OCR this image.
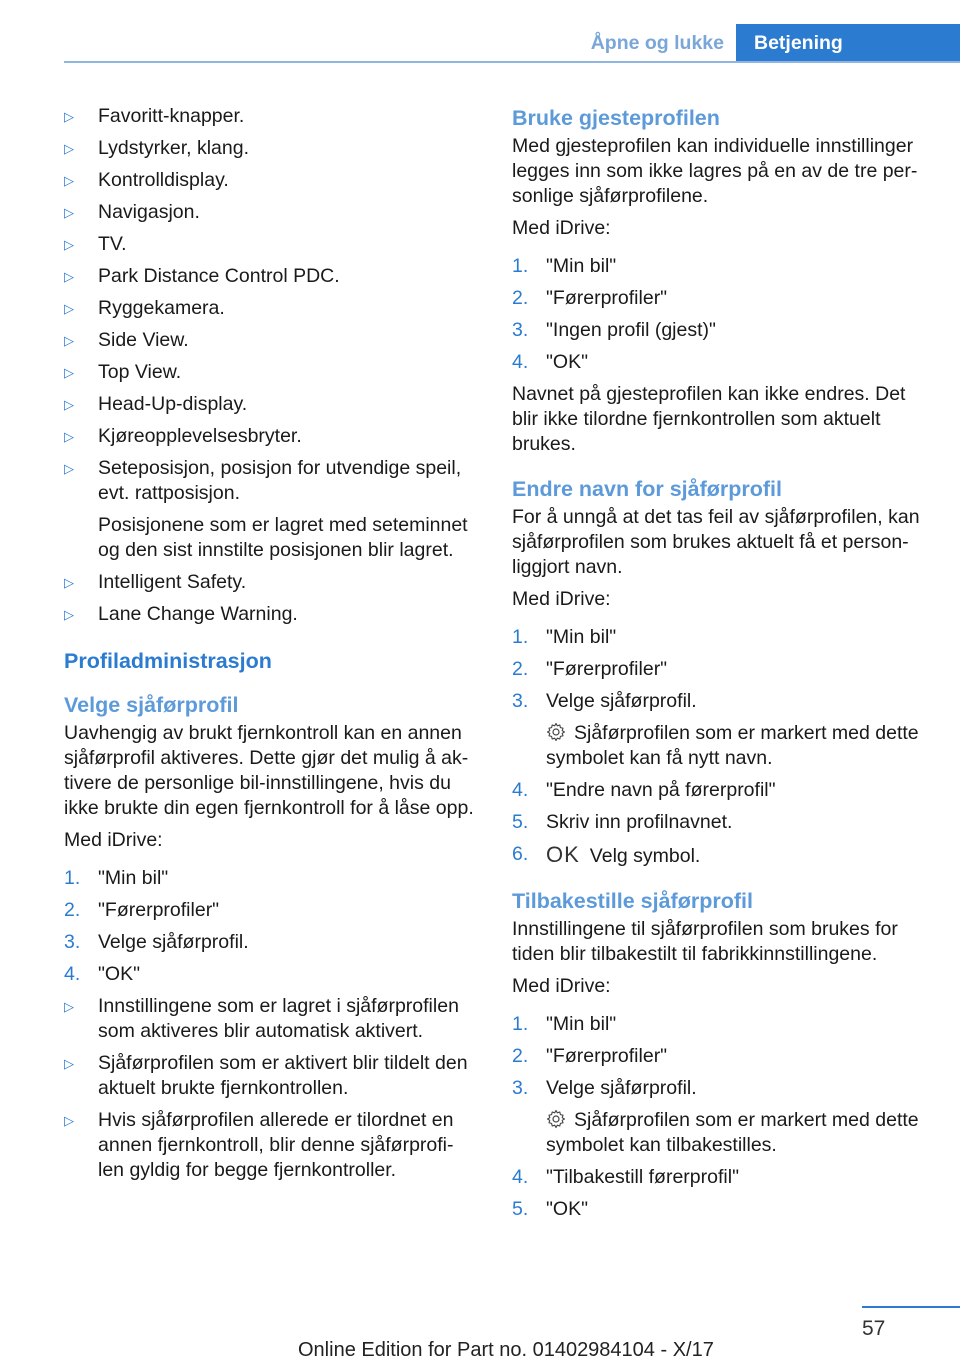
Åpne og lukke	Betjening
▷	Favoritt-knapper.
▷	Lydstyrker, klang.
▷	Kontrolldisplay.
▷	Navigasjon.
▷	TV.
▷	Park Distance Control PDC.
▷	Ryggekamera.
▷	Side View.
▷	Top View.
▷	Head-Up-display.
▷	Kjøreopplevelsesbryter.
▷	Seteposisjon, posisjon for utvendige speil, evt. rattposisjon.
Posisjonene som er lagret med seteminnet og den sist innstilte posisjonen blir lagret.
▷	Intelligent Safety.
▷	Lane Change Warning.
Profiladministrasjon
Velge sjåførprofil
Uavhengig av brukt fjernkontroll kan en annen sjåførprofil aktiveres. Dette gjør det mulig å ak-tivere de personlige bil-innstillingene, hvis du ikke brukte din egen fjernkontroll for å låse opp.
Med iDrive:
1. "Min bil"
2. "Førerprofiler"
3. Velge sjåførprofil.
4. "OK"
▷	Innstillingene som er lagret i sjåførprofilen som aktiveres blir automatisk aktivert.
▷	Sjåførprofilen som er aktivert blir tildelt den aktuelt brukte fjernkontrollen.
▷	Hvis sjåførprofilen allerede er tilordnet en annen fjernkontroll, blir denne sjåførprofi-len gyldig for begge fjernkontroller.
Bruke gjesteprofilen
Med gjesteprofilen kan individuelle innstillinger legges inn som ikke lagres på en av de tre per-sonlige sjåførprofilene.
Med iDrive:
1. "Min bil"
2. "Førerprofiler"
3. "Ingen profil (gjest)"
4. "OK"
Navnet på gjesteprofilen kan ikke endres. Det blir ikke tilordne fjernkontrollen som aktuelt brukes.
Endre navn for sjåførprofil
For å unngå at det tas feil av sjåførprofilen, kan sjåførprofilen som brukes aktuelt få et person-liggjort navn.
Med iDrive:
1. "Min bil"
2. "Førerprofiler"
3. Velge sjåførprofil.
Sjåførprofilen som er markert med dette symbolet kan få nytt navn.
4. "Endre navn på førerprofil"
5. Skriv inn profilnavnet.
6. OK Velg symbol.
Tilbakestille sjåførprofil
Innstillingene til sjåførprofilen som brukes for tiden blir tilbakestilt til fabrikkinnstillingene.
Med iDrive:
1. "Min bil"
2. "Førerprofiler"
3. Velge sjåførprofil.
Sjåførprofilen som er markert med dette symbolet kan tilbakestilles.
4. "Tilbakestill førerprofil"
5. "OK"
57
Online Edition for Part no. 01402984104 - X/17
